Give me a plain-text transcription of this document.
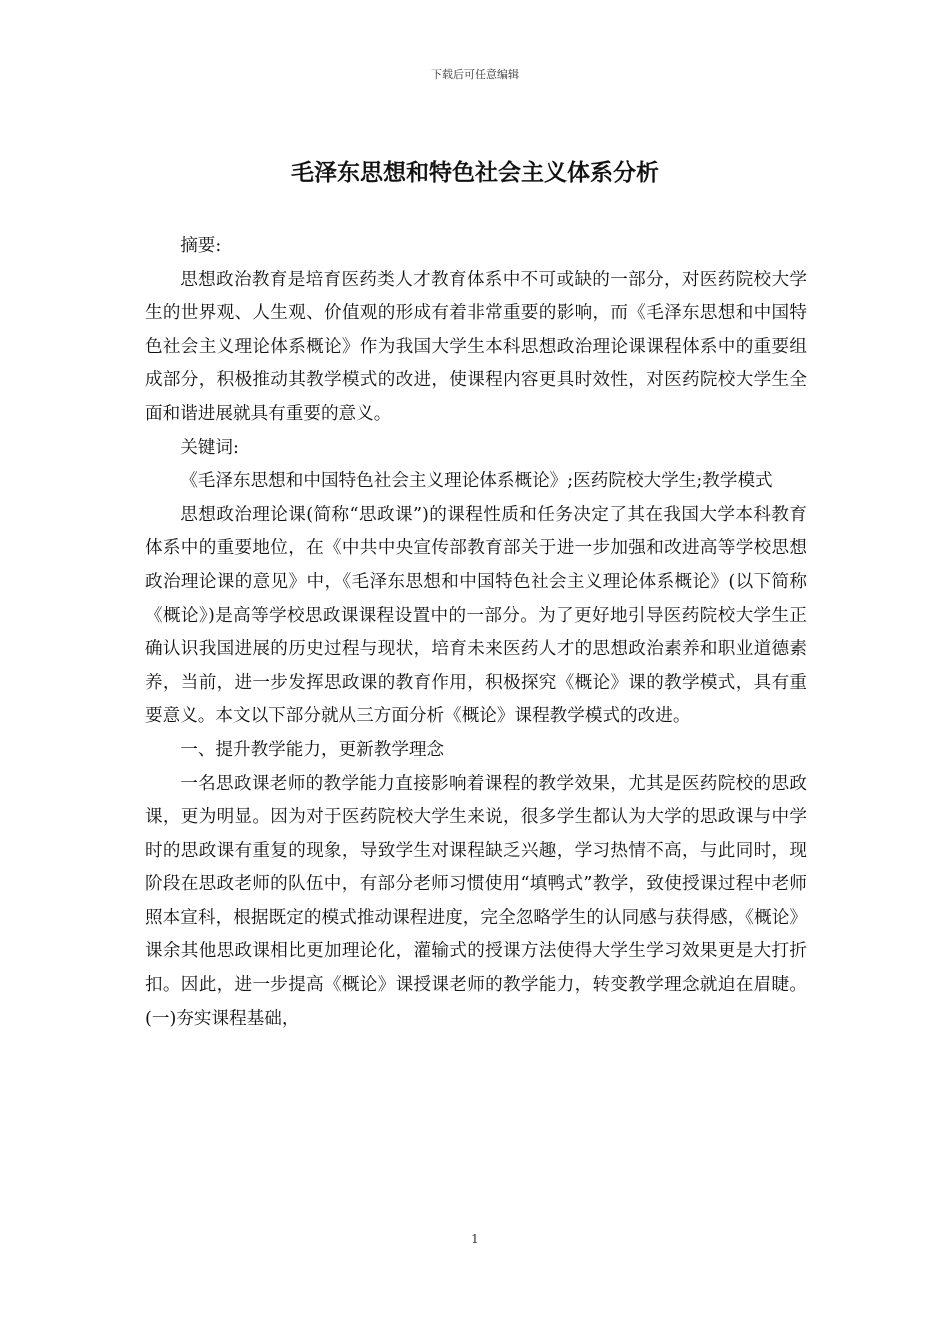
下载后可任意编辑
毛泽东思想和特色社会主义体系分析

摘要:

思想政治教育是培育医药类人才教育体系中不可或缺的一部分，对医药院校大学生的世界观、人生观、价值观的形成有着非常重要的影响，而《毛泽东思想和中国特色社会主义理论体系概论》作为我国大学生本科思想政治理论课课程体系中的重要组成部分，积极推动其教学模式的改进，使课程内容更具时效性，对医药院校大学生全面和谐进展就具有重要的意义。

关键词:

《毛泽东思想和中国特色社会主义理论体系概论》;医药院校大学生;教学模式

思想政治理论课(简称“思政课”)的课程性质和任务决定了其在我国大学本科教育体系中的重要地位，在《中共中央宣传部教育部关于进一步加强和改进高等学校思想政治理论课的意见》中，《毛泽东思想和中国特色社会主义理论体系概论》(以下简称《概论》)是高等学校思政课课程设置中的一部分。为了更好地引导医药院校大学生正确认识我国进展的历史过程与现状，培育未来医药人才的思想政治素养和职业道德素养，当前，进一步发挥思政课的教育作用，积极探究《概论》课的教学模式，具有重要意义。本文以下部分就从三方面分析《概论》课程教学模式的改进。

一、提升教学能力，更新教学理念

一名思政课老师的教学能力直接影响着课程的教学效果，尤其是医药院校的思政课，更为明显。因为对于医药院校大学生来说，很多学生都认为大学的思政课与中学时的思政课有重复的现象，导致学生对课程缺乏兴趣，学习热情不高，与此同时，现阶段在思政老师的队伍中，有部分老师习惯使用“填鸭式”教学，致使授课过程中老师照本宣科，根据既定的模式推动课程进度，完全忽略学生的认同感与获得感，《概论》课余其他思政课相比更加理论化，灌输式的授课方法使得大学生学习效果更是大打折扣。因此，进一步提高《概论》课授课老师的教学能力，转变教学理念就迫在眉睫。(一)夯实课程基础，

1
